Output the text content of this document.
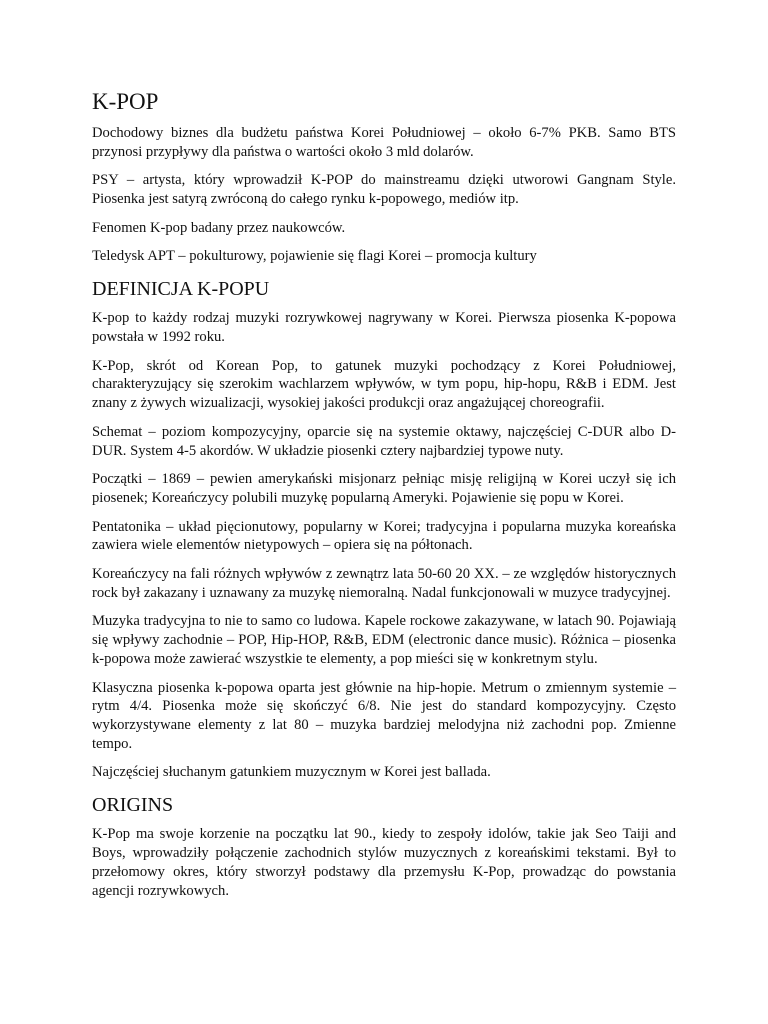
K-POP

Dochodowy biznes dla budżetu państwa Korei Południowej – około 6-7% PKB. Samo BTS przynosi przypływy dla państwa o wartości około 3 mld dolarów.

PSY – artysta, który wprowadził K-POP do mainstreamu dzięki utworowi Gangnam Style. Piosenka jest satyrą zwróconą do całego rynku k-popowego, mediów itp.

Fenomen K-pop badany przez naukowców.

Teledysk APT – pokulturowy, pojawienie się flagi Korei – promocja kultury

DEFINICJA K-POPU

K-pop to każdy rodzaj muzyki rozrywkowej nagrywany w Korei. Pierwsza piosenka K-popowa powstała w 1992 roku.

K-Pop, skrót od Korean Pop, to gatunek muzyki pochodzący z Korei Południowej, charakteryzujący się szerokim wachlarzem wpływów, w tym popu, hip-hopu, R&B i EDM. Jest znany z żywych wizualizacji, wysokiej jakości produkcji oraz angażującej choreografii.

Schemat – poziom kompozycyjny, oparcie się na systemie oktawy, najczęściej C-DUR albo D-DUR. System 4-5 akordów. W układzie piosenki cztery najbardziej typowe nuty.

Początki – 1869 – pewien amerykański misjonarz pełniąc misję religijną w Korei uczył się ich piosenek; Koreańczycy polubili muzykę popularną Ameryki. Pojawienie się popu w Korei.

Pentatonika – układ pięcionutowy, popularny w Korei; tradycyjna i popularna muzyka koreańska zawiera wiele elementów nietypowych – opiera się na półtonach.

Koreańczycy na fali różnych wpływów z zewnątrz lata 50-60 20 XX. – ze względów historycznych rock był zakazany i uznawany za muzykę niemoralną. Nadal funkcjonowali w muzyce tradycyjnej.

Muzyka tradycyjna to nie to samo co ludowa. Kapele rockowe zakazywane, w latach 90. Pojawiają się wpływy zachodnie – POP, Hip-HOP, R&B, EDM (electronic dance music). Różnica – piosenka k-popowa może zawierać wszystkie te elementy, a pop mieści się w konkretnym stylu.

Klasyczna piosenka k-popowa oparta jest głównie na hip-hopie. Metrum o zmiennym systemie – rytm 4/4. Piosenka może się skończyć 6/8. Nie jest do standard kompozycyjny. Często wykorzystywane elementy z lat 80 – muzyka bardziej melodyjna niż zachodni pop. Zmienne tempo.

Najczęściej słuchanym gatunkiem muzycznym w Korei jest ballada.

ORIGINS

K-Pop ma swoje korzenie na początku lat 90., kiedy to zespoły idolów, takie jak Seo Taiji and Boys, wprowadziły połączenie zachodnich stylów muzycznych z koreańskimi tekstami. Był to przełomowy okres, który stworzył podstawy dla przemysłu K-Pop, prowadząc do powstania agencji rozrywkowych.
